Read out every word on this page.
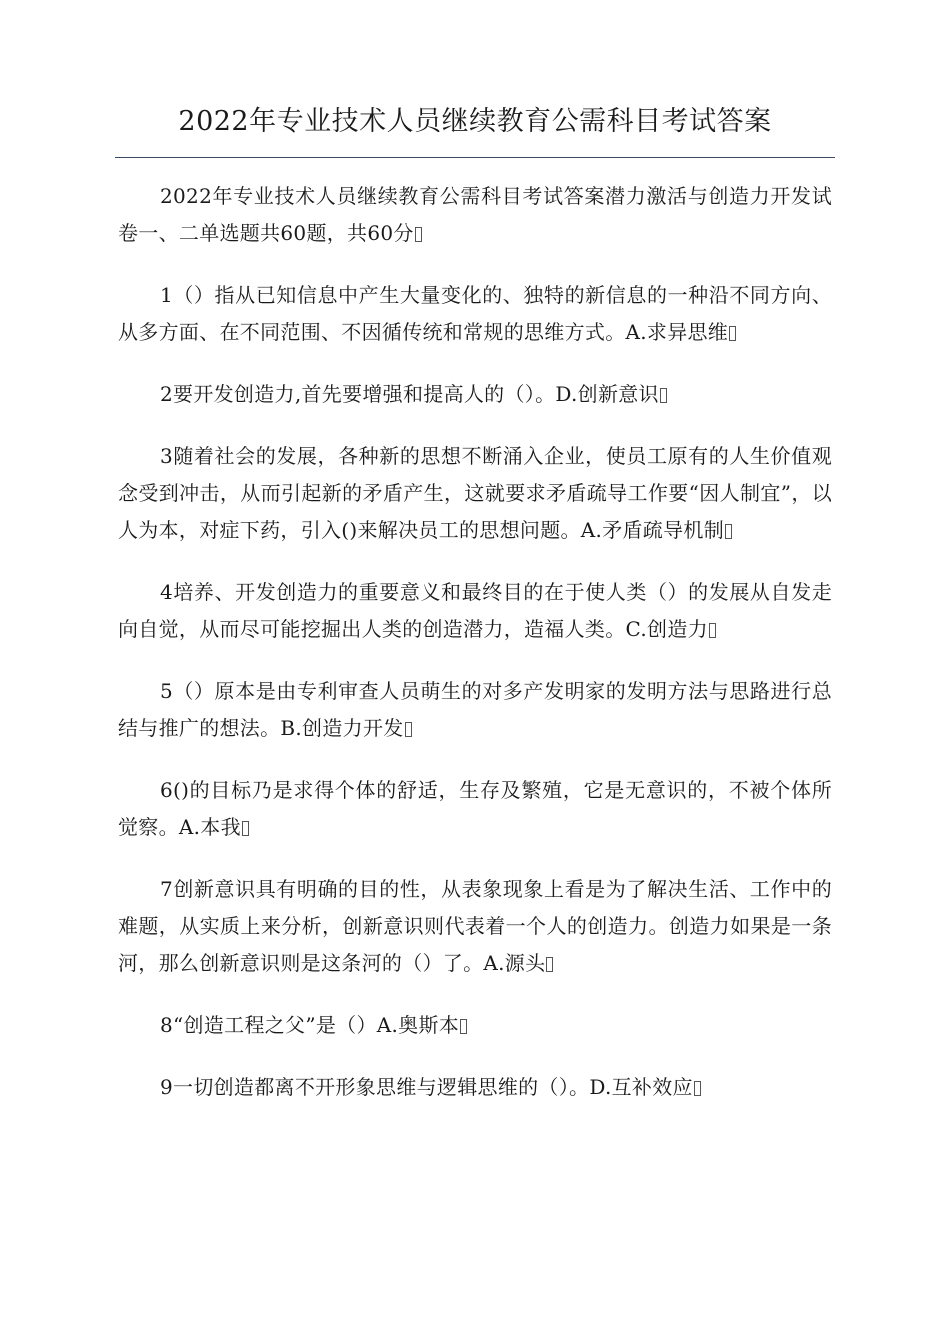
2022年专业技术人员继续教育公需科目考试答案

2022年专业技术人员继续教育公需科目考试答案潜力激活与创造力开发试卷一、二单选题共60题，共60分

1（）指从已知信息中产生大量变化的、独特的新信息的一种沿不同方向、从多方面、在不同范围、不因循传统和常规的思维方式。A.求异思维

2要开发创造力,首先要增强和提高人的（）。D.创新意识

3随着社会的发展，各种新的思想不断涌入企业，使员工原有的人生价值观念受到冲击，从而引起新的矛盾产生，这就要求矛盾疏导工作要“因人制宜”，以人为本，对症下药，引入()来解决员工的思想问题。A.矛盾疏导机制

4培养、开发创造力的重要意义和最终目的在于使人类（）的发展从自发走向自觉，从而尽可能挖掘出人类的创造潜力，造福人类。C.创造力

5（）原本是由专利审查人员萌生的对多产发明家的发明方法与思路进行总结与推广的想法。B.创造力开发

6()的目标乃是求得个体的舒适，生存及繁殖，它是无意识的，不被个体所觉察。A.本我

7创新意识具有明确的目的性，从表象现象上看是为了解决生活、工作中的难题，从实质上来分析，创新意识则代表着一个人的创造力。创造力如果是一条河，那么创新意识则是这条河的（）了。A.源头

8“创造工程之父”是（）A.奥斯本

9一切创造都离不开形象思维与逻辑思维的（）。D.互补效应
